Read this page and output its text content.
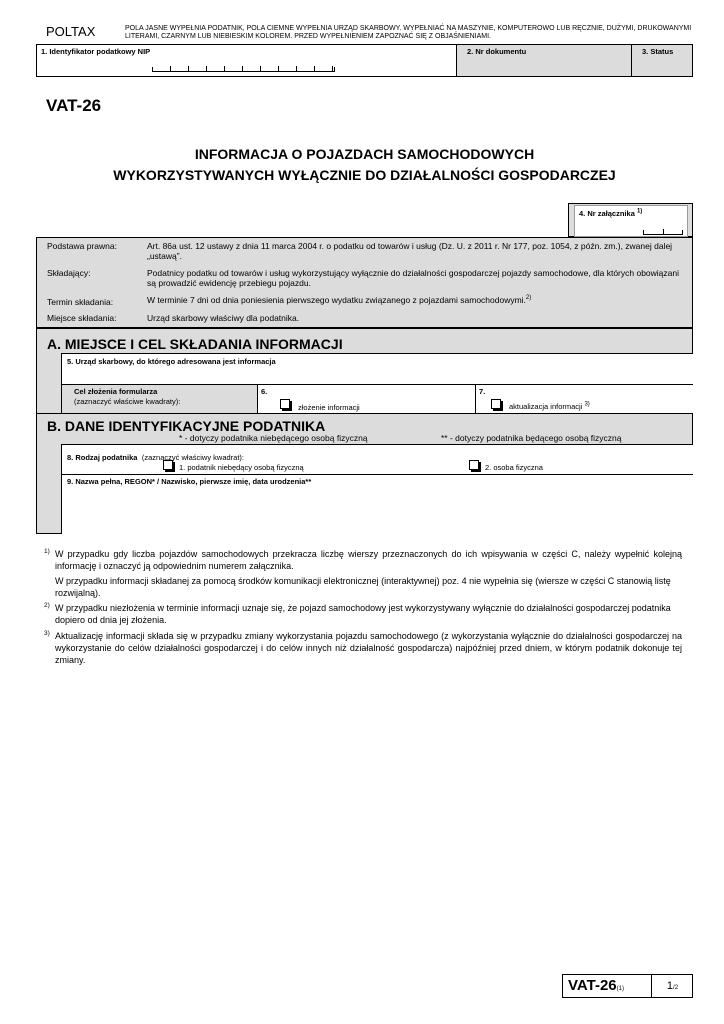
POLTAX	POLA JASNE WYPEŁNIA PODATNIK, POLA CIEMNE WYPEŁNIA URZĄD SKARBOWY. WYPEŁNIAĆ NA MASZYNIE, KOMPUTEROWO LUB RĘCZNIE, DUŻYMI, DRUKOWANYMI LITERAMI, CZARNYM LUB NIEBIESKIM KOLOREM. PRZED WYPEŁNIENIEM ZAPOZNAĆ SIĘ Z OBJAŚNIENIAMI.
1. Identyfikator podatkowy NIP	2. Nr dokumentu	3. Status
VAT-26
INFORMACJA O POJAZDACH SAMOCHODOWYCH
WYKORZYSTYWANYCH WYŁĄCZNIE DO DZIAŁALNOŚCI GOSPODARCZEJ
4. Nr załącznika $^{1)}$
Podstawa prawna:	Art. 86a ust. 12 ustawy z dnia 11 marca 2004 r. o podatku od towarów i usług (Dz. U. z 2011 r. Nr 177, poz. 1054, z późn. zm.), zwanej dalej „ustawą”.
Składający:	Podatnicy podatku od towarów i usług wykorzystujący wyłącznie do działalności gospodarczej pojazdy samochodowe, dla których obowiązani są prowadzić ewidencję przebiegu pojazdu.
Termin składania:	W terminie 7 dni od dnia poniesienia pierwszego wydatku związanego z pojazdami samochodowymi.$^{2)}$
Miejsce składania:	Urząd skarbowy właściwy dla podatnika.
A. MIEJSCE I CEL SKŁADANIA INFORMACJI
5. Urząd skarbowy, do którego adresowana jest informacja
Cel złożenia formularza
(zaznaczyć właściwe kwadraty):
6.
złożenie informacji
7.
aktualizacja informacji $^{3)}$
B. DANE IDENTYFIKACYJNE PODATNIKA
* - dotyczy podatnika niebędącego osobą fizyczną	** - dotyczy podatnika będącego osobą fizyczną
8. Rodzaj podatnika (zaznaczyć właściwy kwadrat):
1. podatnik niebędący osobą fizyczną	2. osoba fizyczna
9. Nazwa pełna, REGON* / Nazwisko, pierwsze imię, data urodzenia**
1) W przypadku gdy liczba pojazdów samochodowych przekracza liczbę wierszy przeznaczonych do ich wpisywania w części C, należy wypełnić kolejną informację i oznaczyć ją odpowiednim numerem załącznika.
W przypadku informacji składanej za pomocą środków komunikacji elektronicznej (interaktywnej) poz. 4 nie wypełnia się (wiersze w części C stanowią listę rozwijalną).
2) W przypadku niezłożenia w terminie informacji uznaje się, że pojazd samochodowy jest wykorzystywany wyłącznie do działalności gospodarczej podatnika dopiero od dnia jej złożenia.
3) Aktualizację informacji składa się w przypadku zmiany wykorzystania pojazdu samochodowego (z wykorzystania wyłącznie do działalności gospodarczej na wykorzystanie do celów działalności gospodarczej i do celów innych niż działalność gospodarcza) najpóźniej przed dniem, w którym podatnik dokonuje tej zmiany.
VAT-26(1)	1/2
